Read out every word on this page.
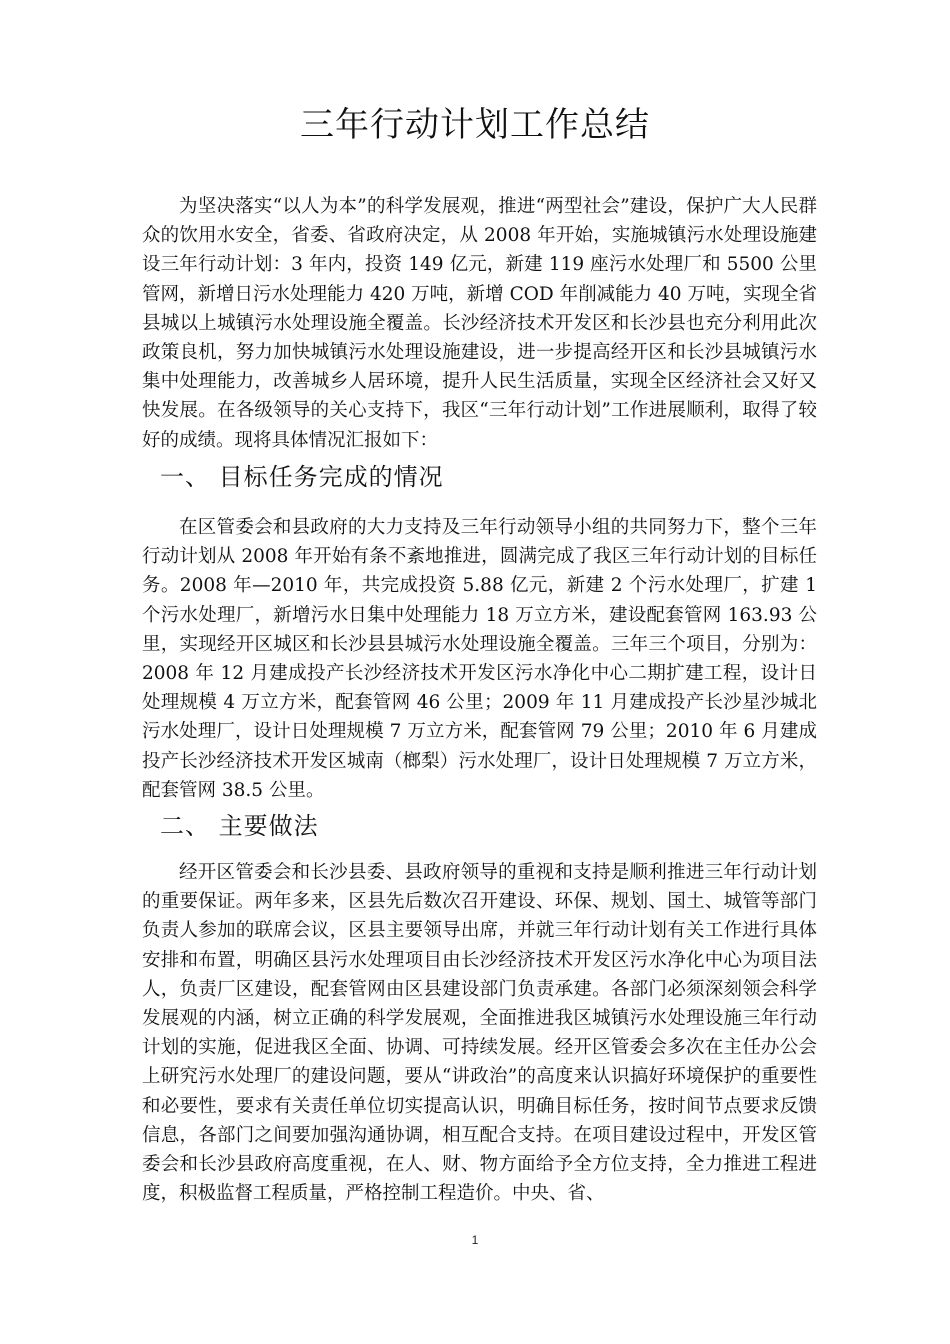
三年行动计划工作总结

为坚决落实“以人为本”的科学发展观，推进“两型社会”建设，保护广大人民群众的饮用水安全，省委、省政府决定，从 2008 年开始，实施城镇污水处理设施建设三年行动计划：3 年内，投资 149 亿元，新建 119 座污水处理厂和 5500 公里管网，新增日污水处理能力 420 万吨，新增 COD 年削减能力 40 万吨，实现全省县城以上城镇污水处理设施全覆盖。长沙经济技术开发区和长沙县也充分利用此次政策良机，努力加快城镇污水处理设施建设，进一步提高经开区和长沙县城镇污水集中处理能力，改善城乡人居环境，提升人民生活质量，实现全区经济社会又好又快发展。在各级领导的关心支持下，我区“三年行动计划”工作进展顺利，取得了较好的成绩。现将具体情况汇报如下：

一、 目标任务完成的情况

在区管委会和县政府的大力支持及三年行动领导小组的共同努力下，整个三年行动计划从 2008 年开始有条不紊地推进，圆满完成了我区三年行动计划的目标任务。2008 年—2010 年，共完成投资 5.88 亿元，新建 2 个污水处理厂，扩建 1 个污水处理厂，新增污水日集中处理能力 18 万立方米，建设配套管网 163.93 公里，实现经开区城区和长沙县县城污水处理设施全覆盖。三年三个项目，分别为：2008 年 12 月建成投产长沙经济技术开发区污水净化中心二期扩建工程，设计日处理规模 4 万立方米，配套管网 46 公里；2009 年 11 月建成投产长沙星沙城北污水处理厂，设计日处理规模 7 万立方米，配套管网 79 公里；2010 年 6 月建成投产长沙经济技术开发区城南（榔梨）污水处理厂，设计日处理规模 7 万立方米，配套管网 38.5 公里。

二、 主要做法

经开区管委会和长沙县委、县政府领导的重视和支持是顺利推进三年行动计划的重要保证。两年多来，区县先后数次召开建设、环保、规划、国土、城管等部门负责人参加的联席会议，区县主要领导出席，并就三年行动计划有关工作进行具体安排和布置，明确区县污水处理项目由长沙经济技术开发区污水净化中心为项目法人，负责厂区建设，配套管网由区县建设部门负责承建。各部门必须深刻领会科学发展观的内涵，树立正确的科学发展观，全面推进我区城镇污水处理设施三年行动计划的实施，促进我区全面、协调、可持续发展。经开区管委会多次在主任办公会上研究污水处理厂的建设问题，要从“讲政治”的高度来认识搞好环境保护的重要性和必要性，要求有关责任单位切实提高认识，明确目标任务，按时间节点要求反馈信息，各部门之间要加强沟通协调，相互配合支持。在项目建设过程中，开发区管委会和长沙县政府高度重视，在人、财、物方面给予全方位支持，全力推进工程进度，积极监督工程质量，严格控制工程造价。中央、省、

1
